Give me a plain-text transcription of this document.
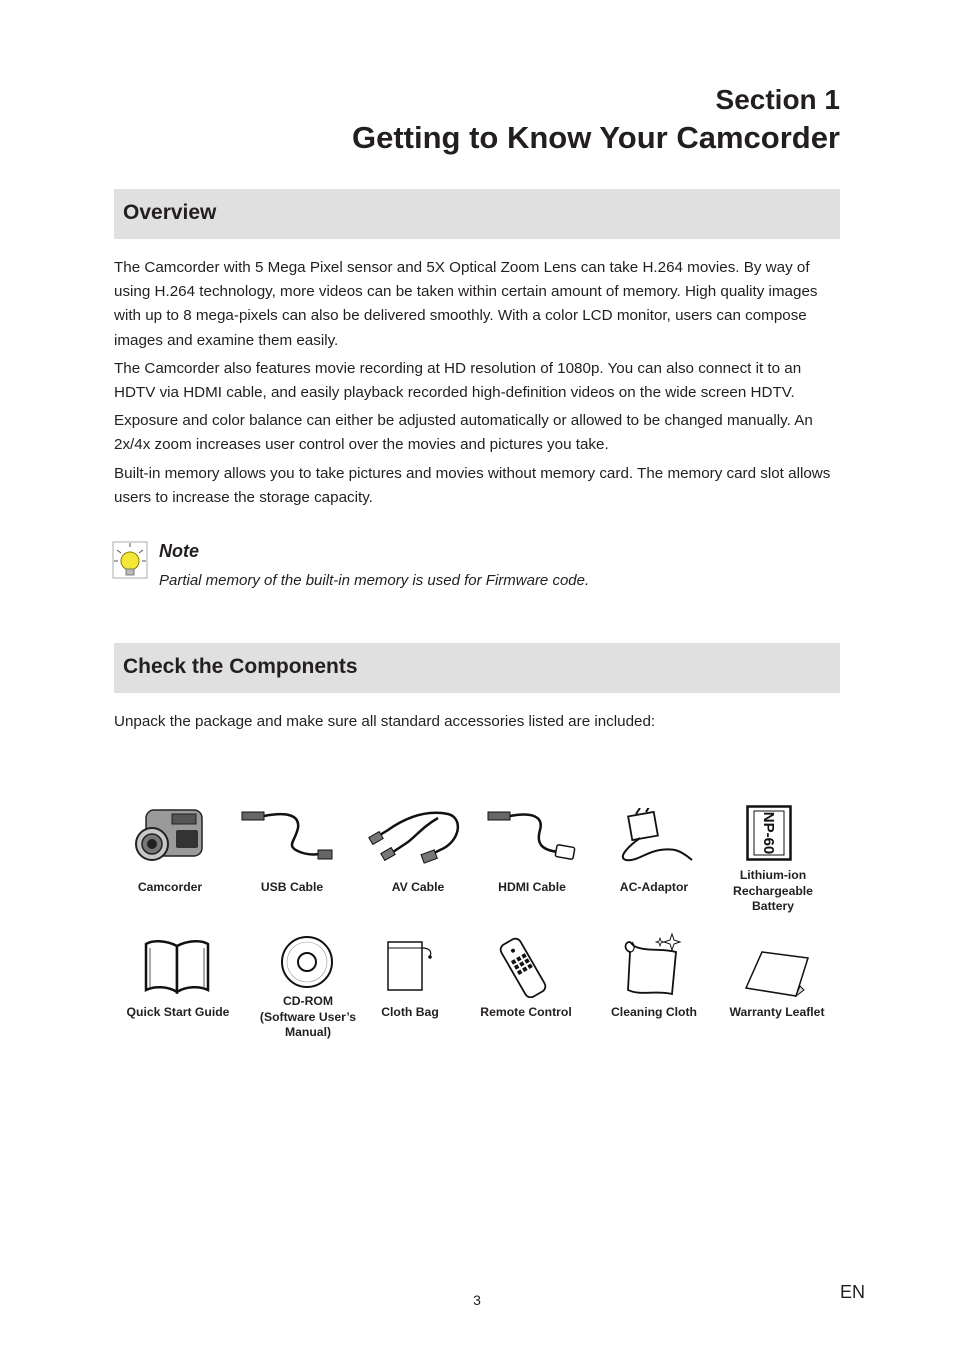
Section 1
Getting to Know Your Camcorder
Overview

The Camcorder with 5 Mega Pixel sensor and 5X Optical Zoom Lens can take H.264 movies. By way of using H.264 technology, more videos can be taken within certain amount of memory. High quality images with up to 8 mega-pixels can also be delivered smoothly. With a color LCD monitor, users can compose images and examine them easily.

The Camcorder also features movie recording at HD resolution of 1080p. You can also connect it to an HDTV via HDMI cable, and easily playback recorded high-definition videos on the wide screen HDTV.

Exposure and color balance can either be adjusted automatically or allowed to be changed manually. An 2x/4x zoom increases user control over the movies and pictures you take.

Built-in memory allows you to take pictures and movies without memory card. The memory card slot allows users to increase the storage capacity.

Note
Partial memory of the built-in memory is used for Firmware code.
Check the Components
Unpack the package and make sure all standard accessories listed are included:
NP-60
Camcorder	USB Cable	AV Cable	HDMI Cable	AC-Adaptor
Lithium-ion
Rechargeable
Battery
Quick Start Guide
CD-ROM
(Software User’s
Manual)
Cloth Bag	Remote Control	Cleaning Cloth	Warranty Leaflet
3	EN
